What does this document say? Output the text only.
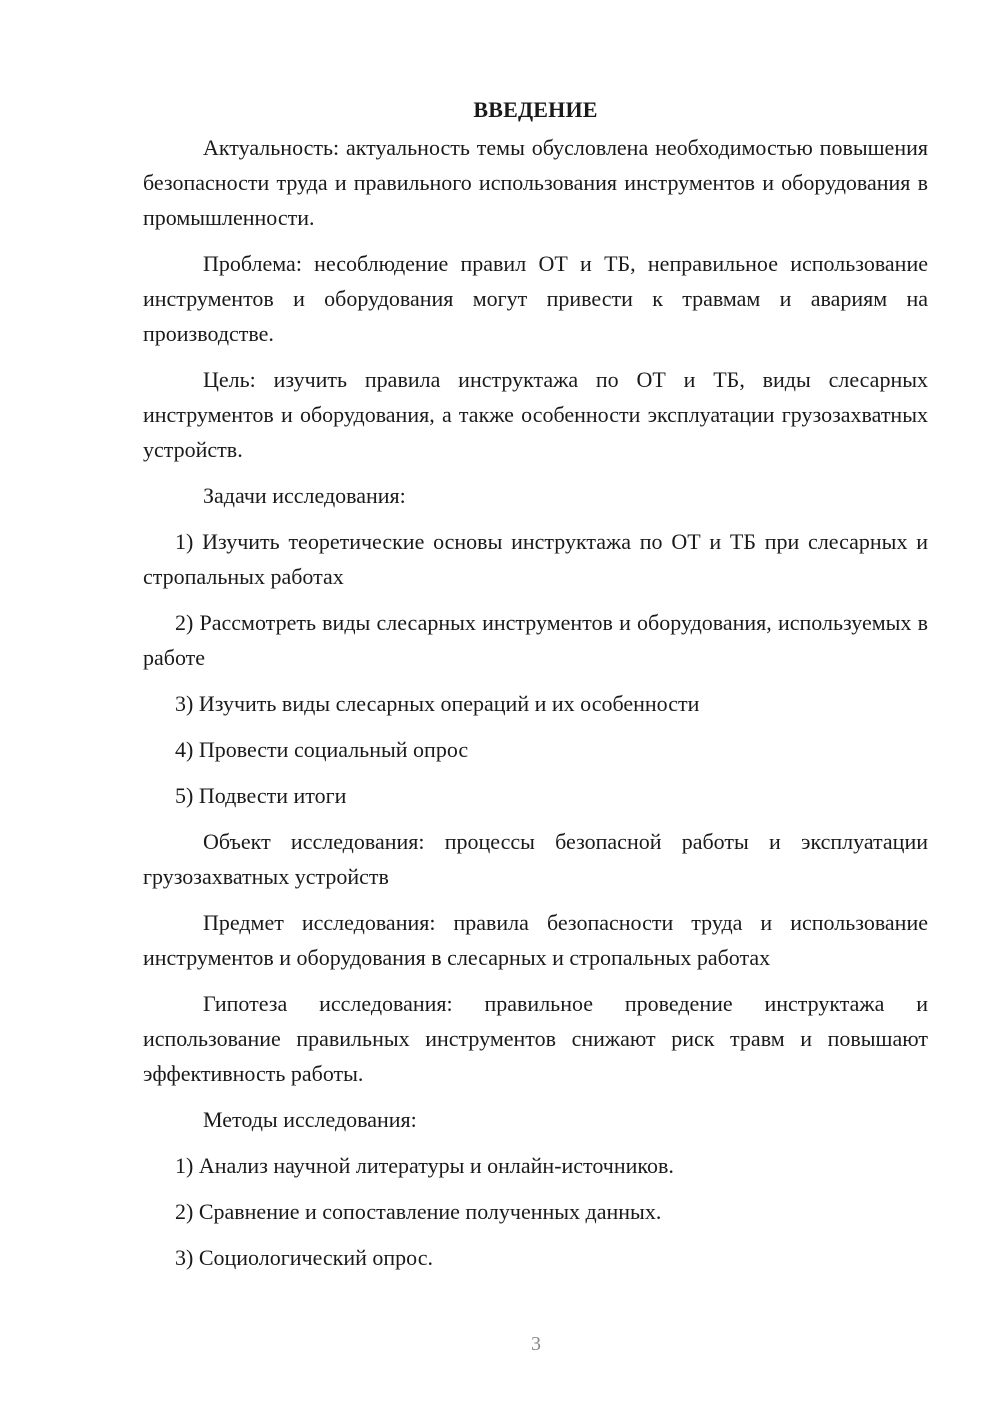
ВВЕДЕНИЕ

Актуальность: актуальность темы обусловлена необходимостью повышения безопасности труда и правильного использования инструментов и оборудования в промышленности.

Проблема: несоблюдение правил ОТ и ТБ, неправильное использование инструментов и оборудования могут привести к травмам и авариям на производстве.

Цель: изучить правила инструктажа по ОТ и ТБ, виды слесарных инструментов и оборудования, а также особенности эксплуатации грузозахватных устройств.

Задачи исследования:

1) Изучить теоретические основы инструктажа по ОТ и ТБ при слесарных и стропальных работах

2) Рассмотреть виды слесарных инструментов и оборудования, используемых в работе

3) Изучить виды слесарных операций и их особенности

4) Провести социальный опрос

5) Подвести итоги

Объект исследования: процессы безопасной работы и эксплуатации грузозахватных устройств

Предмет исследования: правила безопасности труда и использование инструментов и оборудования в слесарных и стропальных работах

Гипотеза исследования: правильное проведение инструктажа и использование правильных инструментов снижают риск травм и повышают эффективность работы.

Методы исследования:

1) Анализ научной литературы и онлайн-источников.

2) Сравнение и сопоставление полученных данных.

3) Социологический опрос.

3
